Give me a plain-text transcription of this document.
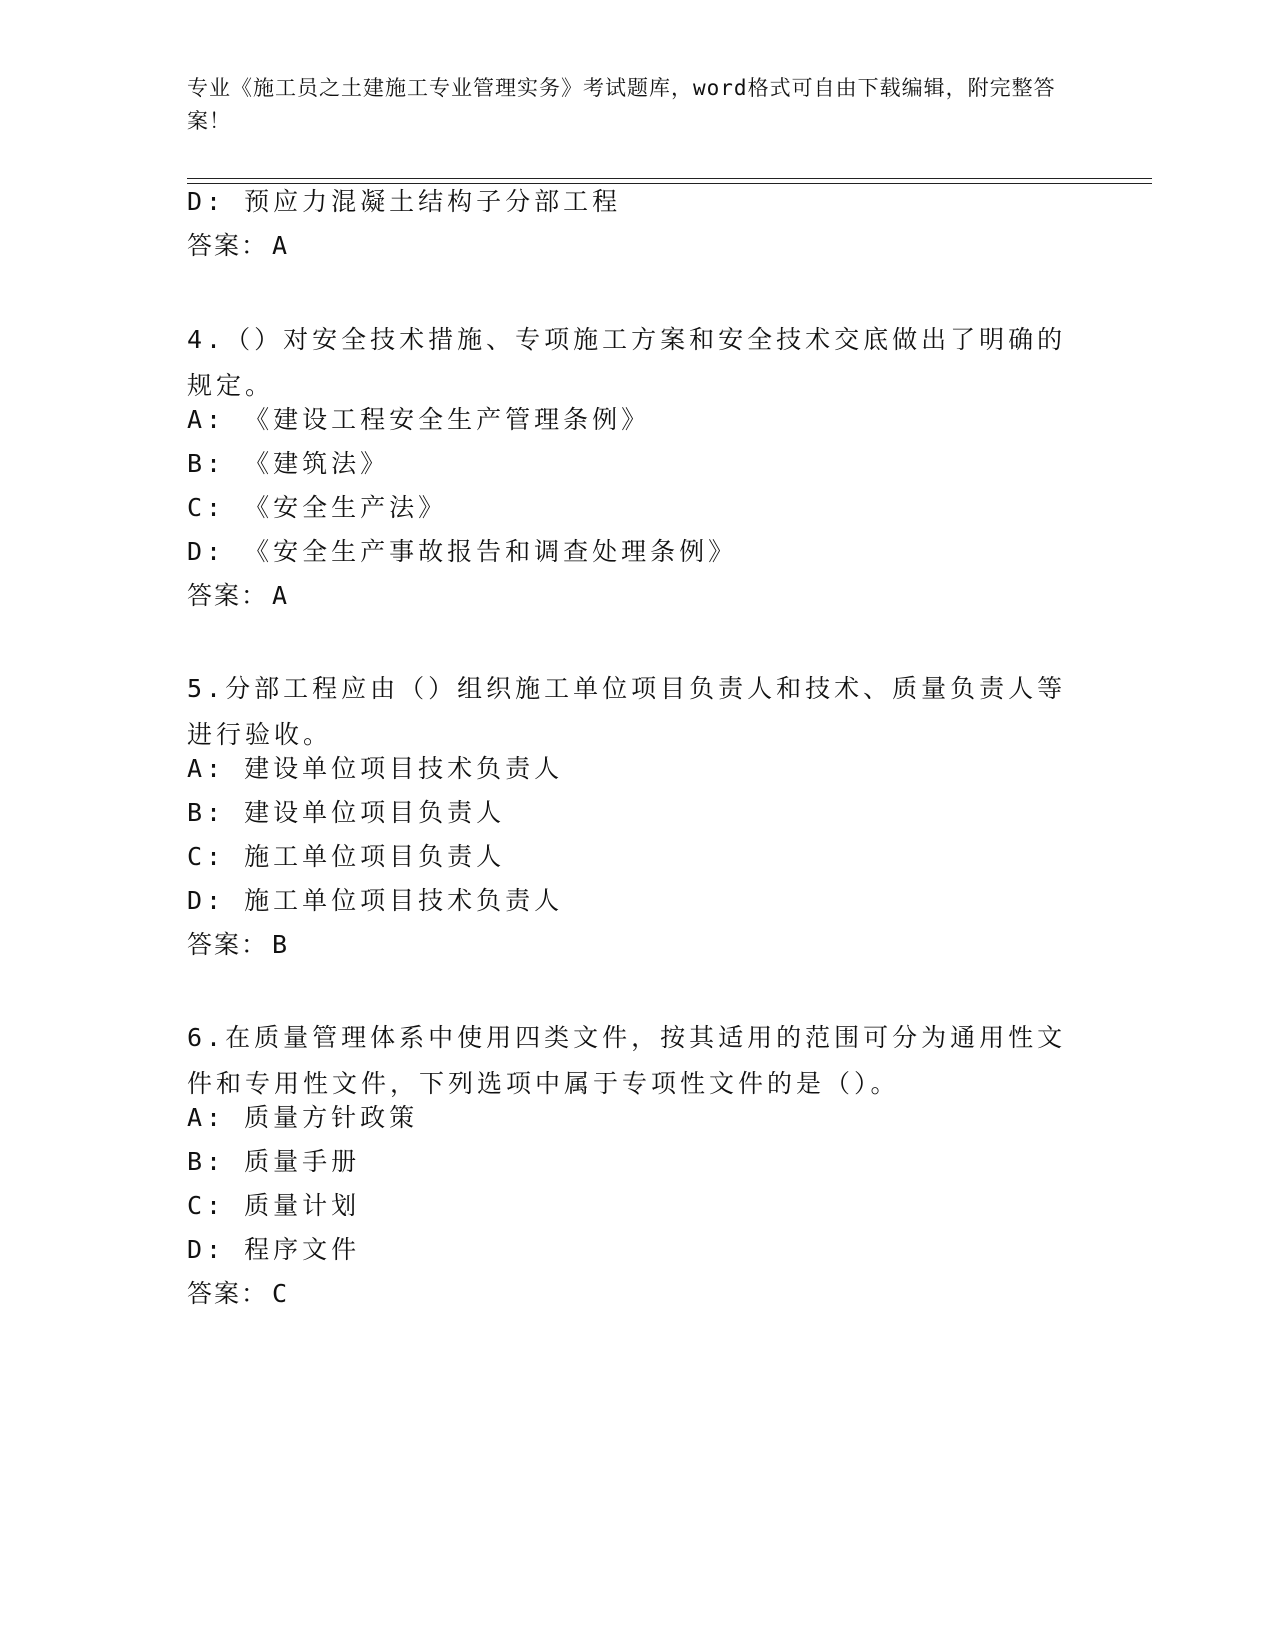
专业《施工员之土建施工专业管理实务》考试题库，word格式可自由下载编辑，附完整答案！
D: 预应力混凝土结构子分部工程
答案： A
4.（）对安全技术措施、专项施工方案和安全技术交底做出了明确的规定。
A: 《建设工程安全生产管理条例》
B: 《建筑法》
C: 《安全生产法》
D: 《安全生产事故报告和调查处理条例》
答案： A
5.分部工程应由（）组织施工单位项目负责人和技术、质量负责人等进行验收。
A: 建设单位项目技术负责人
B: 建设单位项目负责人
C: 施工单位项目负责人
D: 施工单位项目技术负责人
答案： B
6.在质量管理体系中使用四类文件，按其适用的范围可分为通用性文件和专用性文件，下列选项中属于专项性文件的是（）。
A: 质量方针政策
B: 质量手册
C: 质量计划
D: 程序文件
答案： C
